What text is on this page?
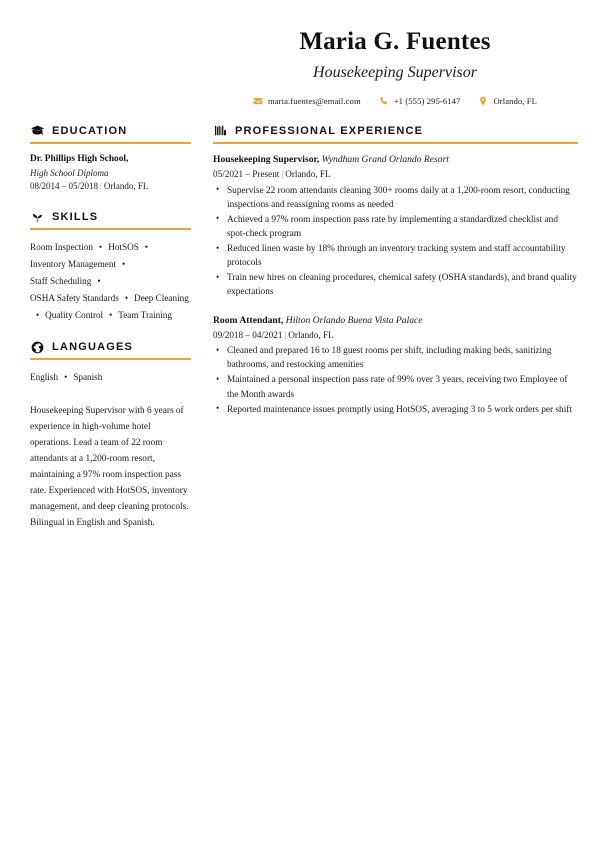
Maria G. Fuentes
Housekeeping Supervisor
maria.fuentes@email.com	+1 (555) 295-6147	Orlando, FL
EDUCATION
Dr. Phillips High School,
High School Diploma
08/2014 – 05/2018 | Orlando, FL
SKILLS
Room Inspection • HotSOS •
Inventory Management •
Staff Scheduling •
OSHA Safety Standards • Deep Cleaning
• Quality Control • Team Training
LANGUAGES
English • Spanish
Housekeeping Supervisor with 6 years of experience in high-volume hotel operations. Lead a team of 22 room attendants at a 1,200-room resort, maintaining a 97% room inspection pass rate. Experienced with HotSOS, inventory management, and deep cleaning protocols. Bilingual in English and Spanish.
PROFESSIONAL EXPERIENCE
Housekeeping Supervisor, Wyndham Grand Orlando Resort
05/2021 – Present | Orlando, FL
• Supervise 22 room attendants cleaning 300+ rooms daily at a 1,200-room resort, conducting inspections and reassigning rooms as needed
• Achieved a 97% room inspection pass rate by implementing a standardized checklist and spot-check program
• Reduced linen waste by 18% through an inventory tracking system and staff accountability protocols
• Train new hires on cleaning procedures, chemical safety (OSHA standards), and brand quality expectations
Room Attendant, Hilton Orlando Buena Vista Palace
09/2018 – 04/2021 | Orlando, FL
• Cleaned and prepared 16 to 18 guest rooms per shift, including making beds, sanitizing bathrooms, and restocking amenities
• Maintained a personal inspection pass rate of 99% over 3 years, receiving two Employee of the Month awards
• Reported maintenance issues promptly using HotSOS, averaging 3 to 5 work orders per shift
